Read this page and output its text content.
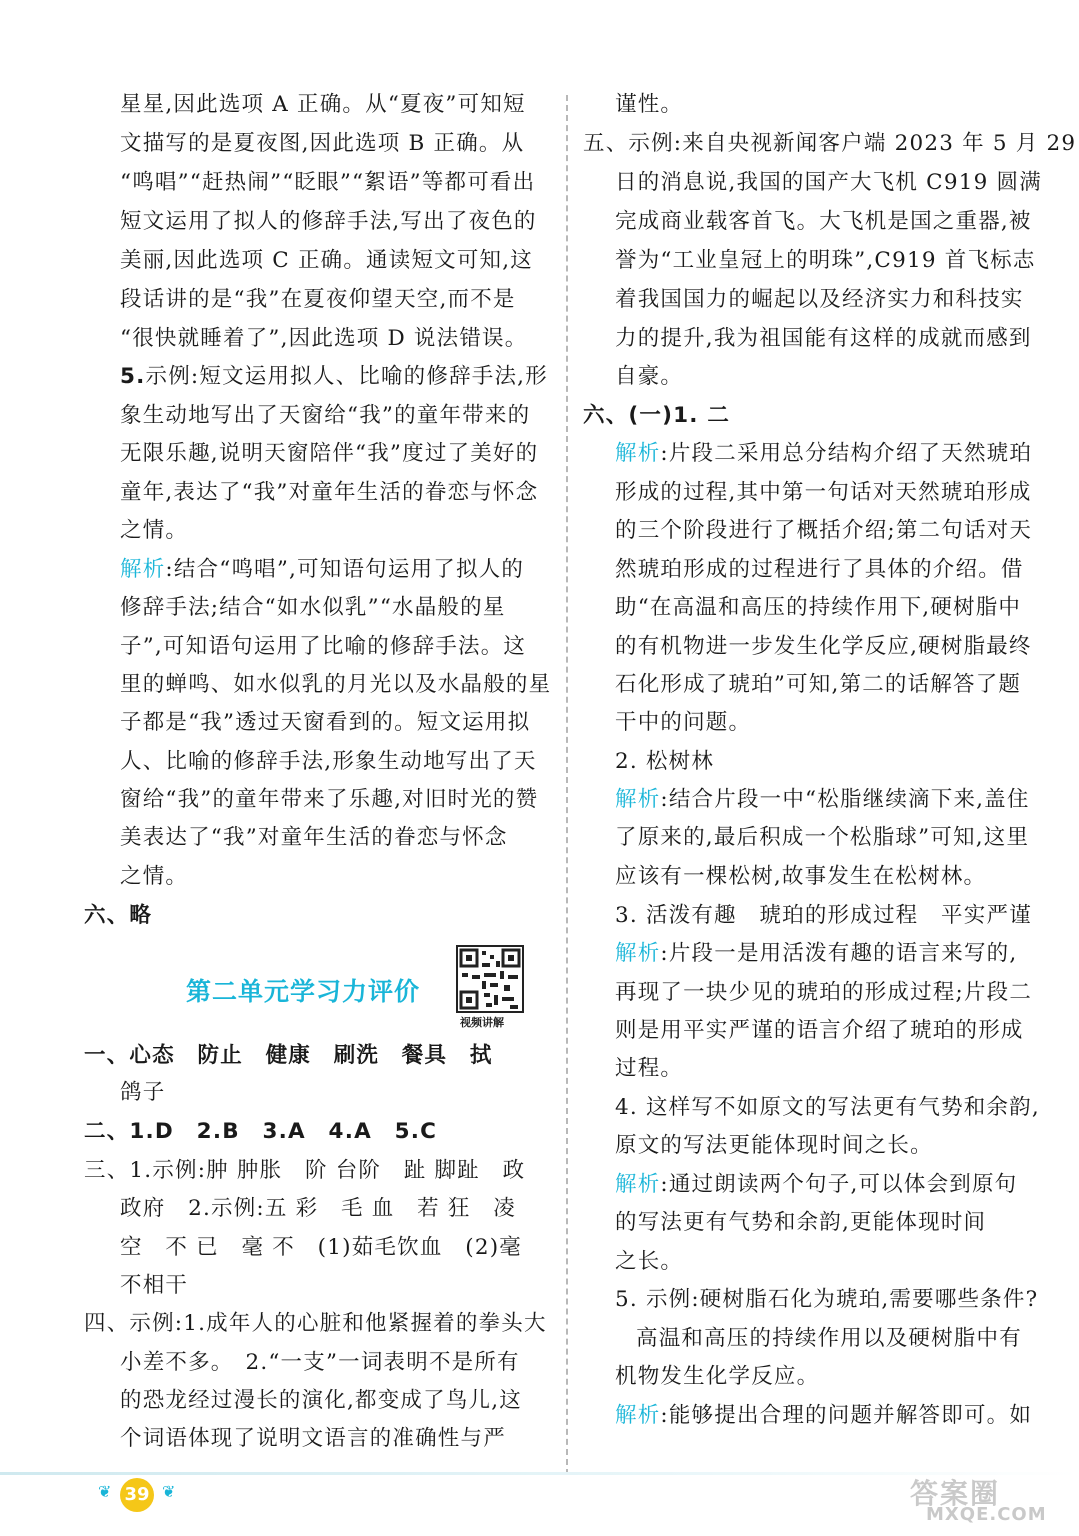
星星,因此选项 A 正确。从“夏夜”可知短
文描写的是夏夜图,因此选项 B 正确。从
“鸣唱”“赶热闹”“眨眼”“絮语”等都可看出
短文运用了拟人的修辞手法,写出了夜色的
美丽,因此选项 C 正确。通读短文可知,这
段话讲的是“我”在夏夜仰望天空,而不是
“很快就睡着了”,因此选项 D 说法错误。
5.示例:短文运用拟人、比喻的修辞手法,形
象生动地写出了天窗给“我”的童年带来的
无限乐趣,说明天窗陪伴“我”度过了美好的
童年,表达了“我”对童年生活的眷恋与怀念
之情。
解析:结合“鸣唱”,可知语句运用了拟人的
修辞手法;结合“如水似乳”“水晶般的星
子”,可知语句运用了比喻的修辞手法。这
里的蝉鸣、如水似乳的月光以及水晶般的星
子都是“我”透过天窗看到的。短文运用拟
人、比喻的修辞手法,形象生动地写出了天
窗给“我”的童年带来了乐趣,对旧时光的赞
美表达了“我”对童年生活的眷恋与怀念
之情。
六、略
第二单元学习力评价
视频讲解
一、心态　防止　健康　刷洗　餐具　拭
鸽子
二、1.D　2.B　3.A　4.A　5.C
三、1.示例:肿 肿胀　阶 台阶　趾 脚趾　政
政府　2.示例:五 彩　毛 血　若 狂　凌
空　不 已　毫 不　(1)茹毛饮血　(2)毫
不相干
四、示例:1.成年人的心脏和他紧握着的拳头大
小差不多。　2.“一支”一词表明不是所有
的恐龙经过漫长的演化,都变成了鸟儿,这
个词语体现了说明文语言的准确性与严
谨性。
五、示例:来自央视新闻客户端 2023 年 5 月 29
日的消息说,我国的国产大飞机 C919 圆满
完成商业载客首飞。大飞机是国之重器,被
誉为“工业皇冠上的明珠”,C919 首飞标志
着我国国力的崛起以及经济实力和科技实
力的提升,我为祖国能有这样的成就而感到
自豪。
六、(一)1. 二
解析:片段二采用总分结构介绍了天然琥珀
形成的过程,其中第一句话对天然琥珀形成
的三个阶段进行了概括介绍;第二句话对天
然琥珀形成的过程进行了具体的介绍。借
助“在高温和高压的持续作用下,硬树脂中
的有机物进一步发生化学反应,硬树脂最终
石化形成了琥珀”可知,第二的话解答了题
干中的问题。
2. 松树林
解析:结合片段一中“松脂继续滴下来,盖住
了原来的,最后积成一个松脂球”可知,这里
应该有一棵松树,故事发生在松树林。
3. 活泼有趣　琥珀的形成过程　平实严谨
解析:片段一是用活泼有趣的语言来写的,
再现了一块少见的琥珀的形成过程;片段二
则是用平实严谨的语言介绍了琥珀的形成
过程。
4. 这样写不如原文的写法更有气势和余韵,
原文的写法更能体现时间之长。
解析:通过朗读两个句子,可以体会到原句
的写法更有气势和余韵,更能体现时间
之长。
5. 示例:硬树脂石化为琥珀,需要哪些条件?
高温和高压的持续作用以及硬树脂中有
机物发生化学反应。
解析:能够提出合理的问题并解答即可。如
❦ 39 ❦	答案圈
MXQE.COM
